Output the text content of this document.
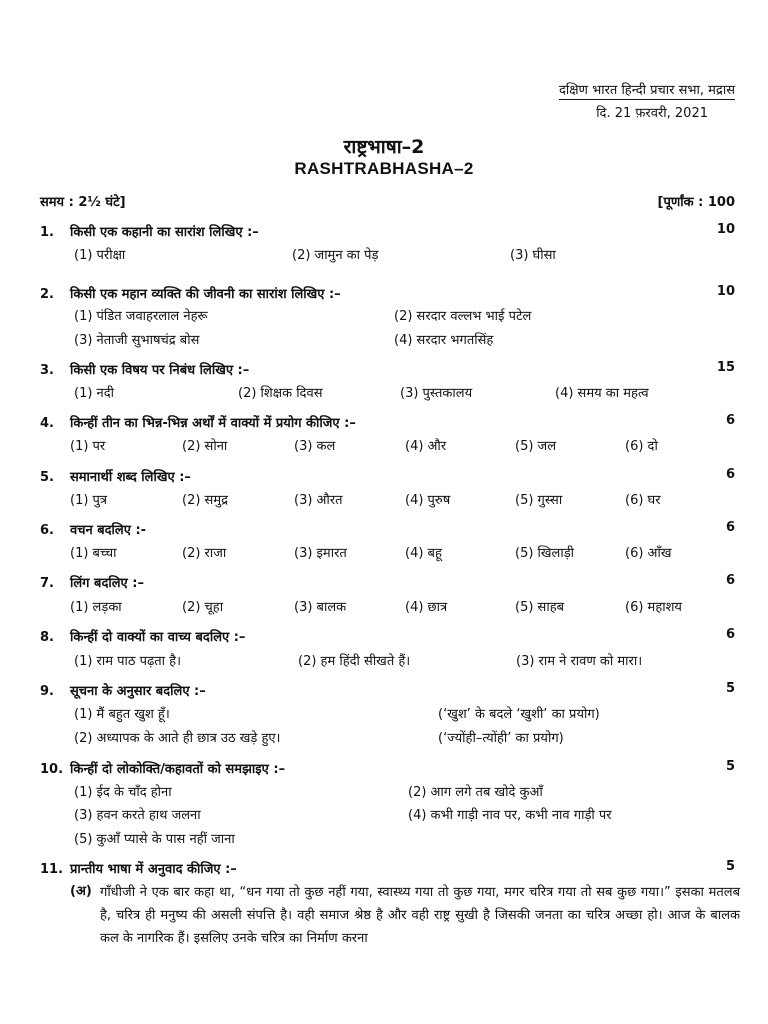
दक्षिण भारत हिन्दी प्रचार सभा, मद्रास
दि. 21 फ़रवरी, 2021
राष्ट्रभाषा–2
RASHTRABHASHA–2
समय : 2½ घंटे]	[पूर्णांक : 100
1. किसी एक कहानी का सारांश लिखिए :–	10
(1) परीक्षा	(2) जामुन का पेड़	(3) घीसा
2. किसी एक महान व्यक्ति की जीवनी का सारांश लिखिए :–	10
(1) पंडित जवाहरलाल नेहरू	(2) सरदार वल्लभ भाई पटेल
(3) नेताजी सुभाषचंद्र बोस	(4) सरदार भगतसिंह
3. किसी एक विषय पर निबंध लिखिए :–	15
(1) नदी	(2) शिक्षक दिवस	(3) पुस्तकालय	(4) समय का महत्व
4. किन्हीं तीन का भिन्न-भिन्न अर्थों में वाक्यों में प्रयोग कीजिए :–	6
(1) पर	(2) सोना	(3) कल	(4) और	(5) जल	(6) दो
5. समानार्थी शब्द लिखिए :–	6
(1) पुत्र	(2) समुद्र	(3) औरत	(4) पुरुष	(5) गुस्सा	(6) घर
6. वचन बदलिए :-	6
(1) बच्चा	(2) राजा	(3) इमारत	(4) बहू	(5) खिलाड़ी	(6) आँख
7. लिंग बदलिए :–	6
(1) लड़का	(2) चूहा	(3) बालक	(4) छात्र	(5) साहब	(6) महाशय
8. किन्हीं दो वाक्यों का वाच्य बदलिए :–	6
(1) राम पाठ पढ़ता है।	(2) हम हिंदी सीखते हैं।	(3) राम ने रावण को मारा।
9. सूचना के अनुसार बदलिए :–	5
(1) मैं बहुत खुश हूँ।	(‘खुश’ के बदले ‘खुशी’ का प्रयोग)
(2) अध्यापक के आते ही छात्र उठ खड़े हुए।	(‘ज्योंही–त्योंही’ का प्रयोग)
10. किन्हीं दो लोकोक्ति/कहावतों को समझाइए :–	5
(1) ईद के चाँद होना	(2) आग लगे तब खोदे कुआँ
(3) हवन करते हाथ जलना	(4) कभी गाड़ी नाव पर, कभी नाव गाड़ी पर
(5) कुआँ प्यासे के पास नहीं जाना
11. प्रान्तीय भाषा में अनुवाद कीजिए :–	5
(अ) गाँधीजी ने एक बार कहा था, “धन गया तो कुछ नहीं गया, स्वास्थ्य गया तो कुछ गया, मगर चरित्र गया तो सब कुछ गया।” इसका मतलब है, चरित्र ही मनुष्य की असली संपत्ति है। वही समाज श्रेष्ठ है और वही राष्ट्र सुखी है जिसकी जनता का चरित्र अच्छा हो। आज के बालक कल के नागरिक हैं। इसलिए उनके चरित्र का निर्माण करना
